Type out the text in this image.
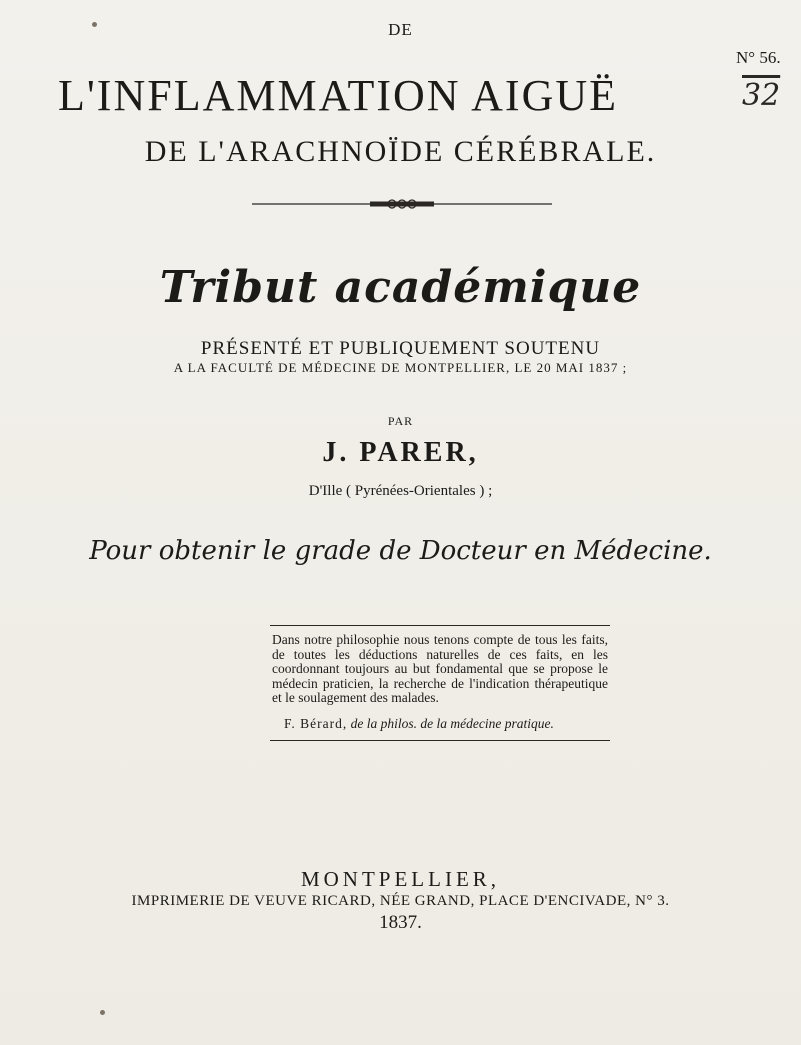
DE
N° 56.
32
L'INFLAMMATION AIGUË
DE L'ARACHNOÏDE CÉRÉBRALE.
Tribut académique
PRÉSENTÉ ET PUBLIQUEMENT SOUTENU
A LA FACULTÉ DE MÉDECINE DE MONTPELLIER, LE 20 MAI 1837 ;
PAR
J. PARER,
D'Ille ( Pyrénées-Orientales ) ;
Pour obtenir le grade de Docteur en Médecine.
Dans notre philosophie nous tenons compte de tous les faits, de toutes les déductions naturelles de ces faits, en les coordonnant toujours au but fondamental que se propose le médecin praticien, la recherche de l'indication thérapeutique et le soulagement des malades.
F. Bérard, de la philos. de la médecine pratique.
MONTPELLIER,
IMPRIMERIE DE VEUVE RICARD, NÉE GRAND, PLACE D'ENCIVADE, N° 3.
1837.
